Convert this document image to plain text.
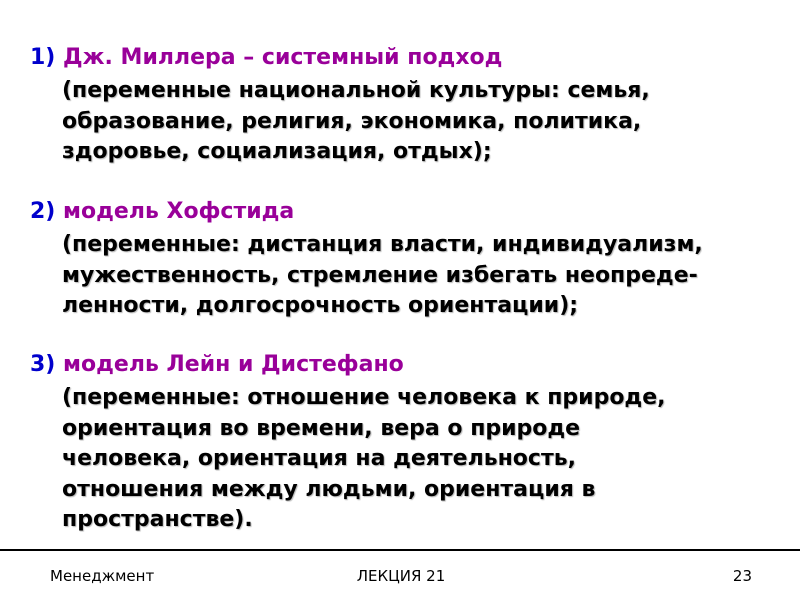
1) Дж. Миллера – системный подход
(переменные национальной культуры: семья,
образование, религия, экономика, политика,
здоровье, социализация, отдых);
2) модель Хофстида
(переменные: дистанция власти, индивидуализм,
мужественность, стремление избегать неопреде-
ленности, долгосрочность ориентации);
3) модель Лейн и Дистефано
(переменные: отношение человека к природе,
ориентация во времени, вера о природе
человека, ориентация на деятельность,
отношения между людьми, ориентация в
пространстве).
Менеджмент	ЛЕКЦИЯ 21	23
